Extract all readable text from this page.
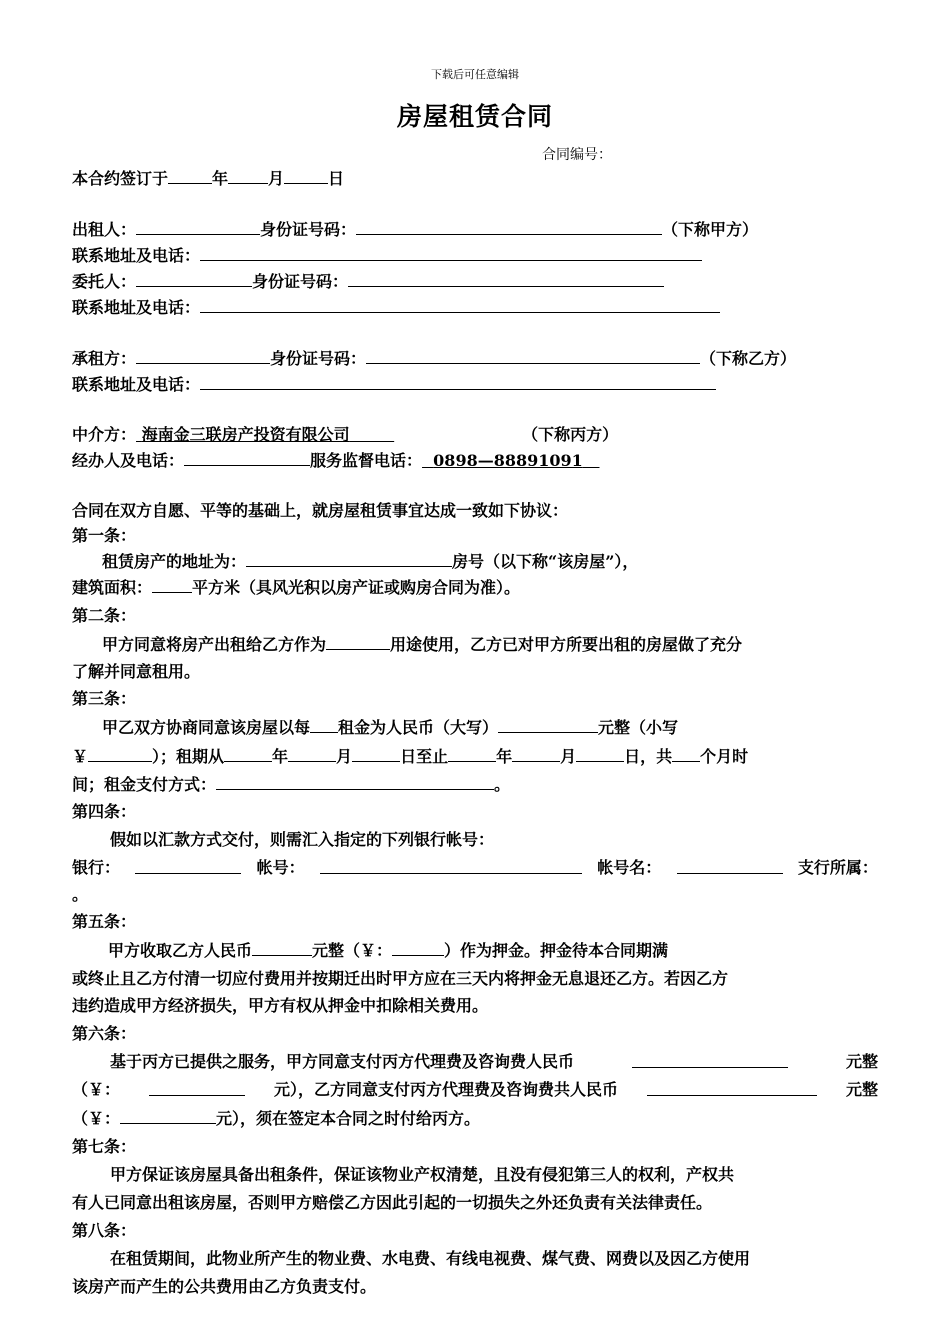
下载后可任意编辑
房屋租赁合同
合同编号：
本合约签订于	年	月	日
出租人：	身份证号码：	（下称甲方）
联系地址及电话：
委托人：	身份证号码：
联系地址及电话：
承租方：	身份证号码：	（下称乙方）
联系地址及电话：
中介方： 海南金三联房产投资有限公司	（下称丙方）
经办人及电话：	服务监督电话： 0898—88891091
合同在双方自愿、平等的基础上，就房屋租赁事宜达成一致如下协议：
第一条：
租赁房产的地址为：	房号（以下称“该房屋”），
建筑面积：	平方米（具风光积以房产证或购房合同为准）。
第二条：
甲方同意将房产出租给乙方作为	用途使用，乙方已对甲方所要出租的房屋做了充分
了解并同意租用。
第三条：
甲乙双方协商同意该房屋以每 租金为人民币（大写）	元整（小写
￥	）；租期从	年	月	日至止	年	月	日，共 个月时
间；租金支付方式：	。
第四条：
假如以汇款方式交付，则需汇入指定的下列银行帐号：
银行：	帐号：	帐号名：	支行所属：
。
第五条：
甲方收取乙方人民币	元整（￥：	）作为押金。押金待本合同期满
或终止且乙方付清一切应付费用并按期迁出时甲方应在三天内将押金无息退还乙方。若因乙方
违约造成甲方经济损失，甲方有权从押金中扣除相关费用。
第六条：
基于丙方已提供之服务，甲方同意支付丙方代理费及咨询费人民币	元整
（￥：	元），乙方同意支付丙方代理费及咨询费共人民币	元整
（￥：	元），须在签定本合同之时付给丙方。
第七条：
甲方保证该房屋具备出租条件，保证该物业产权清楚，且没有侵犯第三人的权利，产权共
有人已同意出租该房屋，否则甲方赔偿乙方因此引起的一切损失之外还负责有关法律责任。
第八条：
在租赁期间，此物业所产生的物业费、水电费、有线电视费、煤气费、网费以及因乙方使用
该房产而产生的公共费用由乙方负责支付。
